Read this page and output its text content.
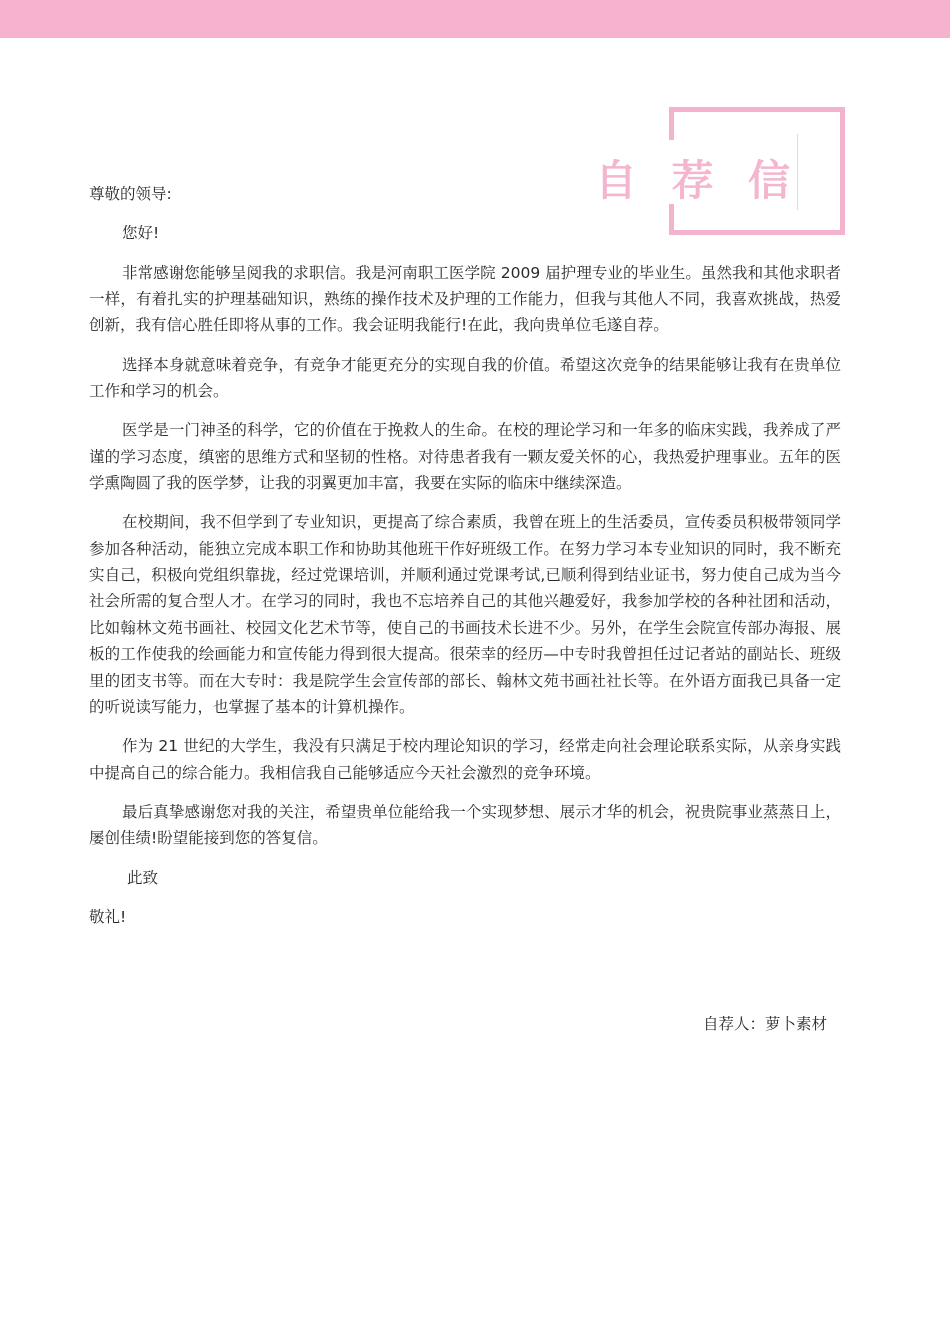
自 荐 信

尊敬的领导:

您好!

非常感谢您能够呈阅我的求职信。我是河南职工医学院 2009 届护理专业的毕业生。虽然我和其他求职者一样，有着扎实的护理基础知识，熟练的操作技术及护理的工作能力，但我与其他人不同，我喜欢挑战，热爱创新，我有信心胜任即将从事的工作。我会证明我能行!在此，我向贵单位毛遂自荐。

选择本身就意味着竞争，有竞争才能更充分的实现自我的价值。希望这次竞争的结果能够让我有在贵单位工作和学习的机会。

医学是一门神圣的科学，它的价值在于挽救人的生命。在校的理论学习和一年多的临床实践，我养成了严谨的学习态度，缜密的思维方式和坚韧的性格。对待患者我有一颗友爱关怀的心，我热爱护理事业。五年的医学熏陶圆了我的医学梦，让我的羽翼更加丰富，我要在实际的临床中继续深造。

在校期间，我不但学到了专业知识，更提高了综合素质，我曾在班上的生活委员，宣传委员积极带领同学参加各种活动，能独立完成本职工作和协助其他班干作好班级工作。在努力学习本专业知识的同时，我不断充实自己，积极向党组织靠拢，经过党课培训，并顺利通过党课考试,已顺利得到结业证书，努力使自己成为当今社会所需的复合型人才。在学习的同时，我也不忘培养自己的其他兴趣爱好，我参加学校的各种社团和活动，比如翰林文苑书画社、校园文化艺术节等，使自己的书画技术长进不少。另外，在学生会院宣传部办海报、展板的工作使我的绘画能力和宣传能力得到很大提高。很荣幸的经历—中专时我曾担任过记者站的副站长、班级里的团支书等。而在大专时：我是院学生会宣传部的部长、翰林文苑书画社社长等。在外语方面我已具备一定的听说读写能力，也掌握了基本的计算机操作。

作为 21 世纪的大学生，我没有只满足于校内理论知识的学习，经常走向社会理论联系实际，从亲身实践中提高自己的综合能力。我相信我自己能够适应今天社会激烈的竞争环境。

最后真挚感谢您对我的关注，希望贵单位能给我一个实现梦想、展示才华的机会，祝贵院事业蒸蒸日上，屡创佳绩!盼望能接到您的答复信。

此致

敬礼!

自荐人：萝卜素材
